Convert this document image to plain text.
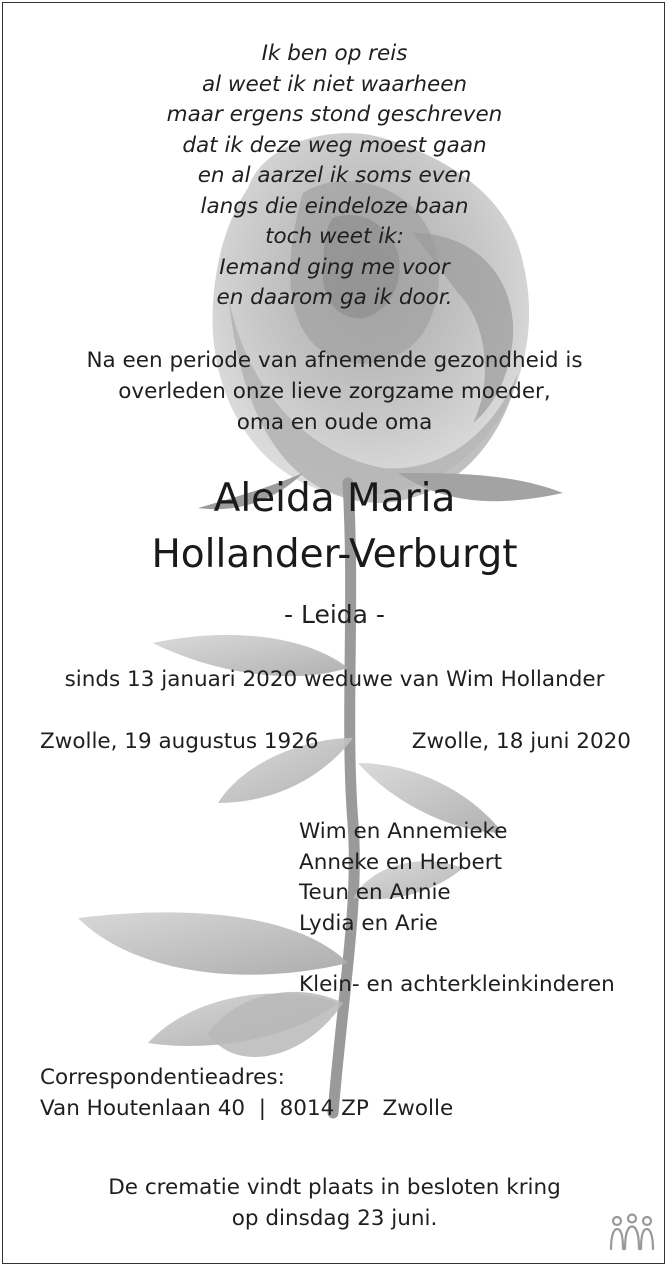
Ik ben op reis
al weet ik niet waarheen
maar ergens stond geschreven
dat ik deze weg moest gaan
en al aarzel ik soms even
langs die eindeloze baan
toch weet ik:
Iemand ging me voor
en daarom ga ik door.
Na een periode van afnemende gezondheid is
overleden onze lieve zorgzame moeder,
oma en oude oma
Aleida Maria
Hollander-Verburgt
- Leida -
sinds 13 januari 2020 weduwe van Wim Hollander
Zwolle, 19 augustus 1926	Zwolle, 18 juni 2020
Wim en Annemieke
Anneke en Herbert
Teun en Annie
Lydia en Arie
Klein- en achterkleinkinderen
Correspondentieadres:
Van Houtenlaan 40  |  8014 ZP  Zwolle
De crematie vindt plaats in besloten kring
op dinsdag 23 juni.
